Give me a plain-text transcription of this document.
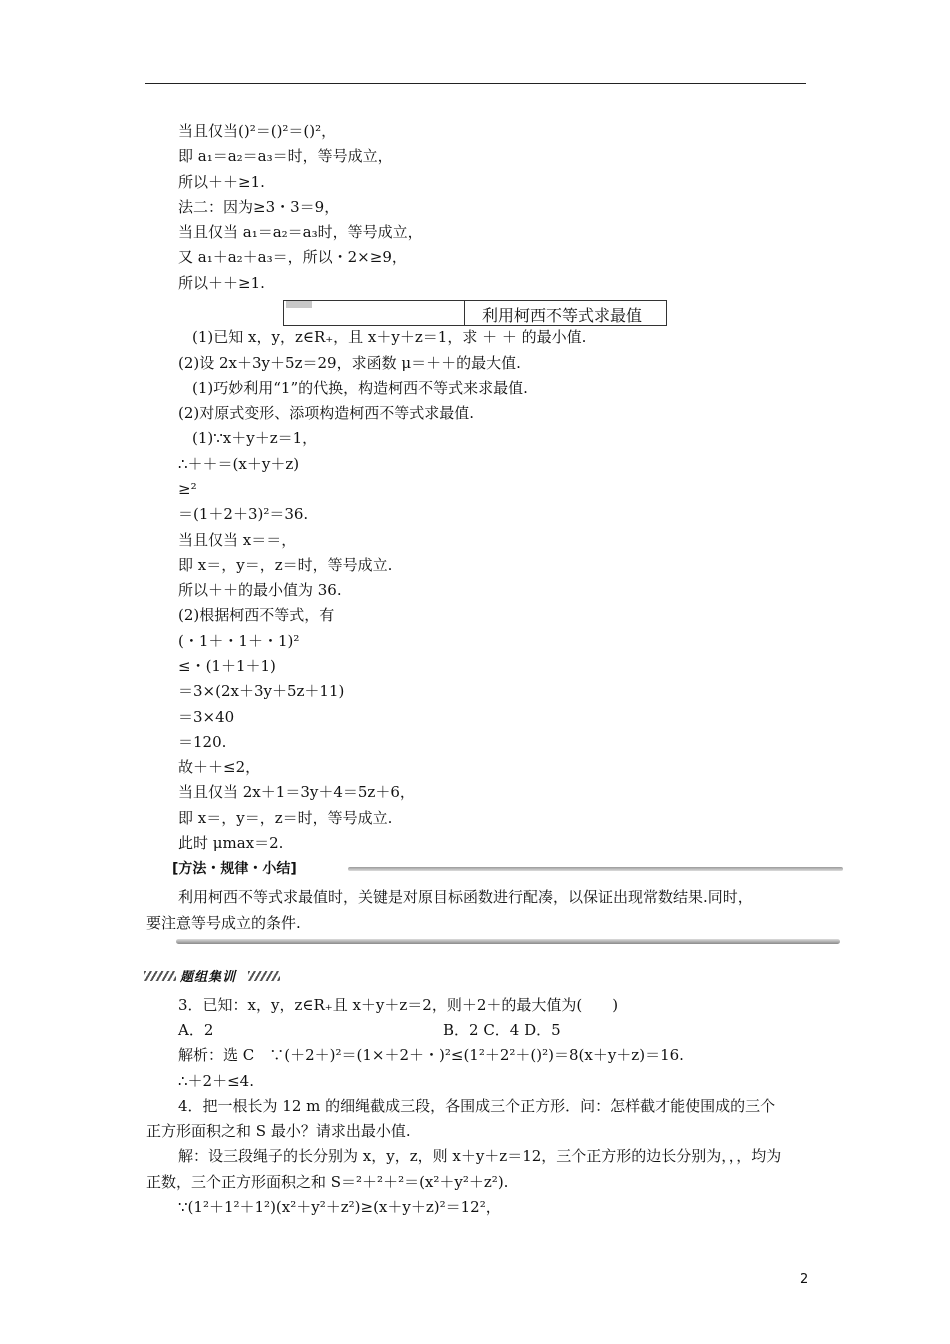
当且仅当()²＝()²＝()²，
即 a₁＝a₂＝a₃＝时，等号成立，
所以＋＋≥1.
法二：因为≥3・3＝9，
当且仅当 a₁＝a₂＝a₃时，等号成立，
又 a₁＋a₂＋a₃＝，所以・2×≥9，
所以＋＋≥1.
利用柯西不等式求最值
(1)已知 x，y，z∈R₊，且 x＋y＋z＝1，求 ＋ ＋ 的最小值.
(2)设 2x＋3y＋5z＝29，求函数 μ＝＋＋的最大值.
(1)巧妙利用“1”的代换，构造柯西不等式来求最值.
(2)对原式变形、添项构造柯西不等式求最值.
(1)∵x＋y＋z＝1，
∴＋＋＝(x＋y＋z)
≥²
＝(1＋2＋3)²＝36.
当且仅当 x＝＝，
即 x＝，y＝，z＝时，等号成立.
所以＋＋的最小值为 36.
(2)根据柯西不等式，有
(・1＋・1＋・1)²
≤・(1＋1＋1)
＝3×(2x＋3y＋5z＋11)
＝3×40
＝120.
故＋＋≤2，
当且仅当 2x＋1＝3y＋4＝5z＋6，
即 x＝，y＝，z＝时，等号成立.
此时 μmax＝2.
[方法・规律・小结]
利用柯西不等式求最值时，关键是对原目标函数进行配凑，以保证出现常数结果.同时，
要注意等号成立的条件.
题组集训
3．已知：x，y，z∈R₊且 x＋y＋z＝2，则＋2＋的最大值为(　　)
A．2	B．2 C．4 D．5
解析：选 C　∵(＋2＋)²＝(1×＋2＋・)²≤(1²＋2²＋()²)＝8(x＋y＋z)＝16.
∴＋2＋≤4.
4．把一根长为 12 m 的细绳截成三段，各围成三个正方形．问：怎样截才能使围成的三个
正方形面积之和 S 最小？请求出最小值.
解：设三段绳子的长分别为 x，y，z，则 x＋y＋z＝12，三个正方形的边长分别为，，，均为
正数，三个正方形面积之和 S＝²＋²＋²＝(x²＋y²＋z²).
∵(1²＋1²＋1²)(x²＋y²＋z²)≥(x＋y＋z)²＝12²，
2
